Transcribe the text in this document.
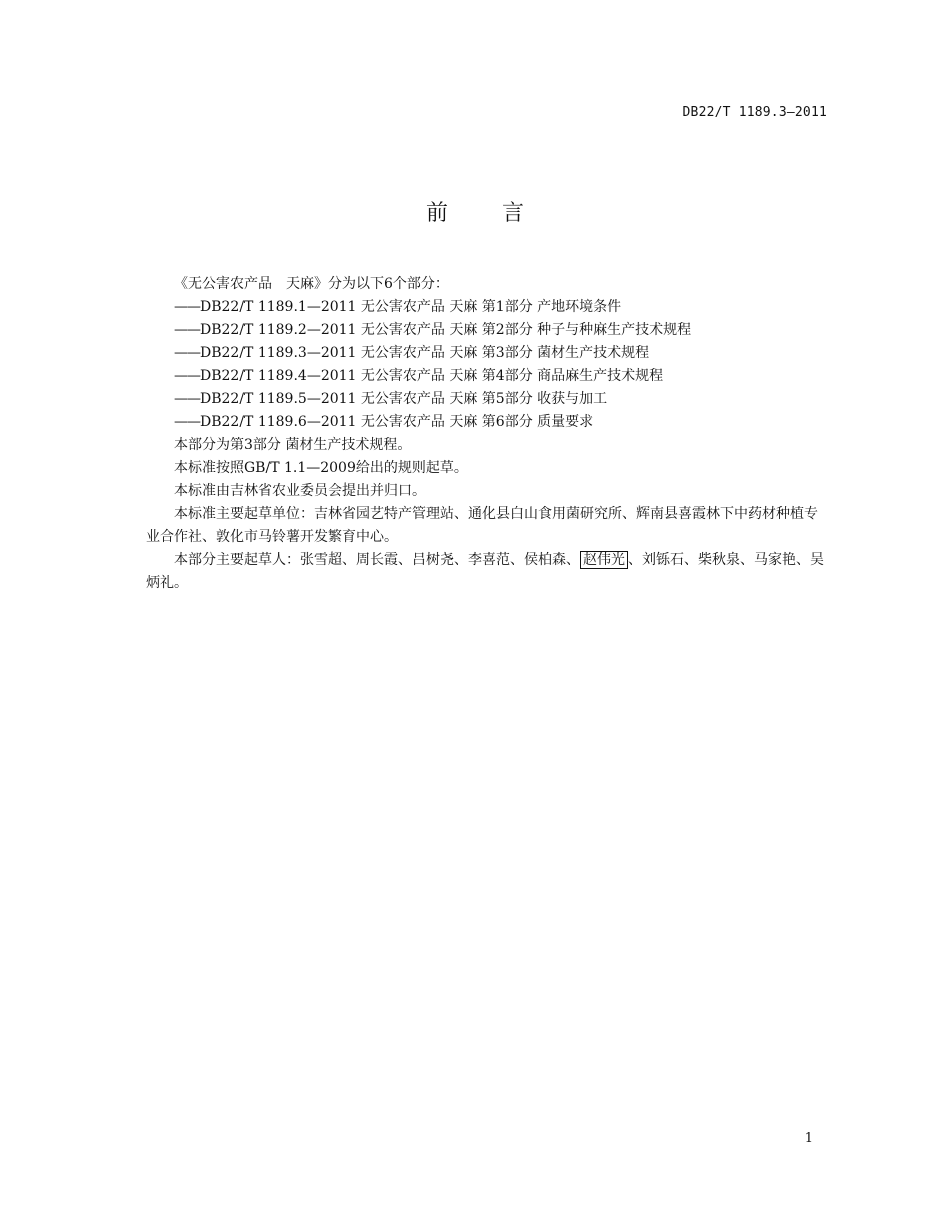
DB22/T 1189.3—2011
前　言

《无公害农产品　天麻》分为以下6个部分：

——DB22/T 1189.1—2011 无公害农产品 天麻 第1部分 产地环境条件

——DB22/T 1189.2—2011 无公害农产品 天麻 第2部分 种子与种麻生产技术规程

——DB22/T 1189.3—2011 无公害农产品 天麻 第3部分 菌材生产技术规程

——DB22/T 1189.4—2011 无公害农产品 天麻 第4部分 商品麻生产技术规程

——DB22/T 1189.5—2011 无公害农产品 天麻 第5部分 收获与加工

——DB22/T 1189.6—2011 无公害农产品 天麻 第6部分 质量要求

本部分为第3部分 菌材生产技术规程。

本标准按照GB/T 1.1—2009给出的规则起草。

本标准由吉林省农业委员会提出并归口。

本标准主要起草单位：吉林省园艺特产管理站、通化县白山食用菌研究所、辉南县喜霞林下中药材种植专业合作社、敦化市马铃薯开发繁育中心。

本部分主要起草人：张雪超、周长霞、吕树尧、李喜范、侯柏森、 赵伟光 、刘铄石、柴秋泉、马家艳、吴炳礼。

1
